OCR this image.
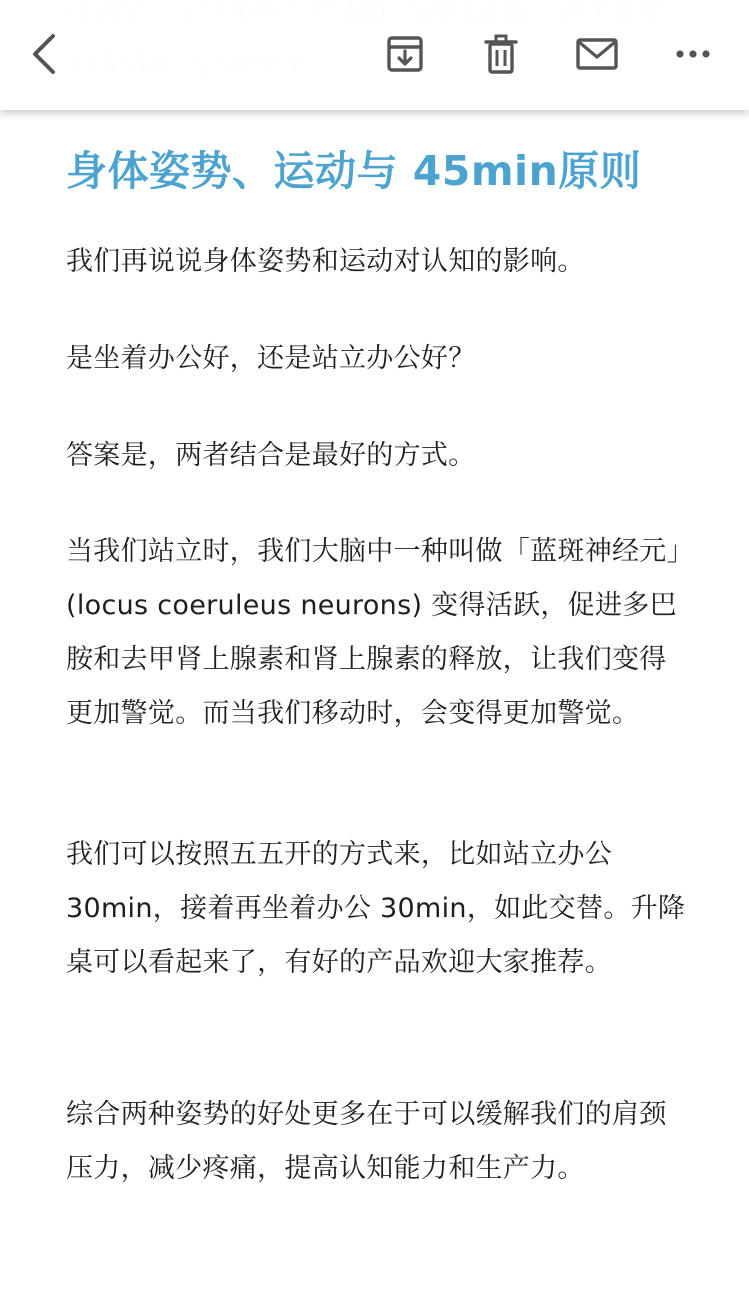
身体姿势、运动与 45min原则

我们再说说身体姿势和运动对认知的影响。

是坐着办公好，还是站立办公好？

答案是，两者结合是最好的方式。

当我们站立时，我们大脑中一种叫做「蓝斑神经元」(locus coeruleus neurons) 变得活跃，促进多巴胺和去甲肾上腺素和肾上腺素的释放，让我们变得更加警觉。而当我们移动时，会变得更加警觉。

我们可以按照五五开的方式来，比如站立办公 30min，接着再坐着办公 30min，如此交替。升降桌可以看起来了，有好的产品欢迎大家推荐。

综合两种姿势的好处更多在于可以缓解我们的肩颈压力，减少疼痛，提高认知能力和生产力。
